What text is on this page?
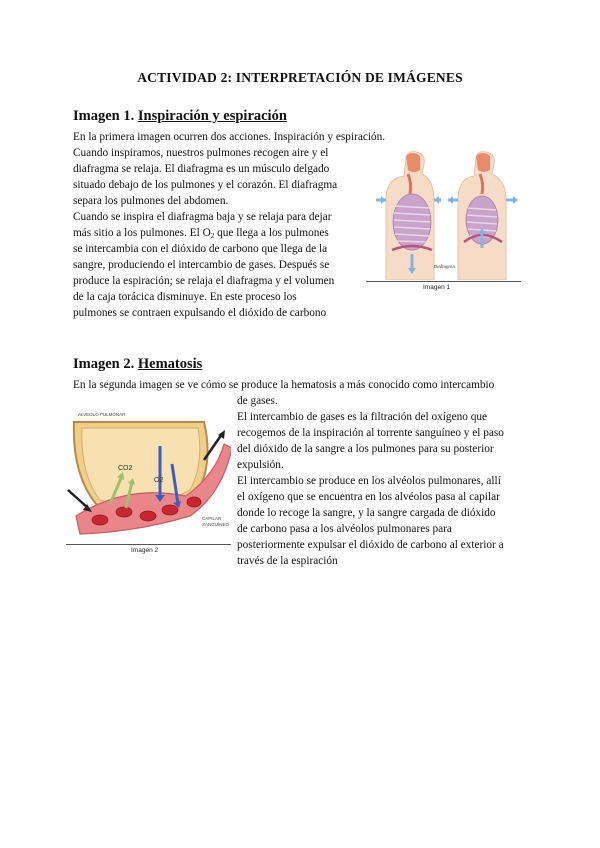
ACTIVIDAD 2: INTERPRETACIÓN DE IMÁGENES
Imagen 1. Inspiración y espiración
En la primera imagen ocurren dos acciones. Inspiración y espiración.
Cuando inspiramos, nuestros pulmones recogen aire y el
diafragma se relaja. El diafragma es un músculo delgado
situado debajo de los pulmones y el corazón. El diafragma
separa los pulmones del abdomen.
Cuando se inspira el diafragma baja y se relaja para dejar
más sitio a los pulmones. El $O_2$ que llega a los pulmones
se intercambia con el dióxido de carbono que llega de la
sangre, produciendo el intercambio de gases. Después se
produce la espiración; se relaja el diafragma y el volumen
de la caja torácica disminuye. En este proceso los
pulmones se contraen expulsando el dióxido de carbono
Diafragma
Imagen 1
Imagen 2. Hematosis
En la segunda imagen se ve cómo se produce la hematosis a más conocido como intercambio
de gases.
El intercambio de gases es la filtración del oxígeno que
recogemos de la inspiración al torrente sanguíneo y el paso
del dióxido de la sangre a los pulmones para su posterior
expulsión.
El intercambio se produce en los alvéolos pulmonares, allí
el oxígeno que se encuentra en los alvéolos pasa al capilar
donde lo recoge la sangre, y la sangre cargada de dióxido
de carbono pasa a los alvéolos pulmonares para
posteriormente expulsar el dióxido de carbono al exterior a
través de la espiración
ALVEOLO PULMONAR
CO2
O2
CAPILAR
SANGUÍNEO
Imagen 2
